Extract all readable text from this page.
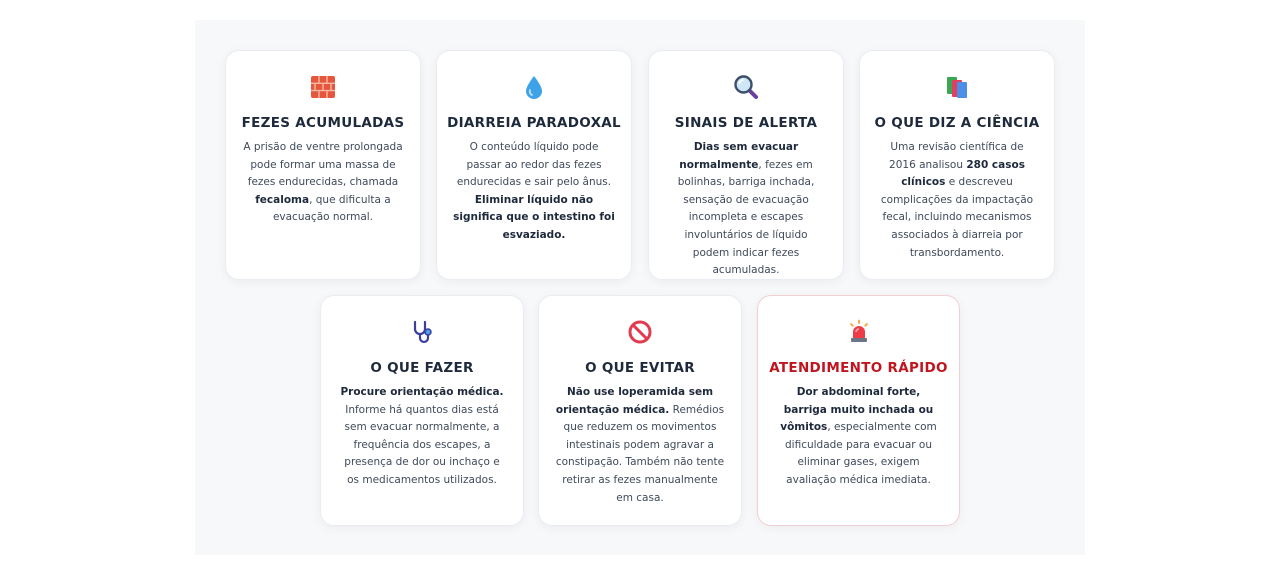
FEZES ACUMULADAS
A prisão de ventre prolongada pode formar uma massa de fezes endurecidas, chamada fecaloma, que dificulta a evacuação normal.
DIARREIA PARADOXAL
O conteúdo líquido pode passar ao redor das fezes endurecidas e sair pelo ânus. Eliminar líquido não significa que o intestino foi esvaziado.
SINAIS DE ALERTA
Dias sem evacuar normalmente, fezes em bolinhas, barriga inchada, sensação de evacuação incompleta e escapes involuntários de líquido podem indicar fezes acumuladas.
O QUE DIZ A CIÊNCIA
Uma revisão científica de 2016 analisou 280 casos clínicos e descreveu complicações da impactação fecal, incluindo mecanismos associados à diarreia por transbordamento.
O QUE FAZER
Procure orientação médica. Informe há quantos dias está sem evacuar normalmente, a frequência dos escapes, a presença de dor ou inchaço e os medicamentos utilizados.
O QUE EVITAR
Não use loperamida sem orientação médica. Remédios que reduzem os movimentos intestinais podem agravar a constipação. Também não tente retirar as fezes manualmente em casa.
ATENDIMENTO RÁPIDO
Dor abdominal forte, barriga muito inchada ou vômitos, especialmente com dificuldade para evacuar ou eliminar gases, exigem avaliação médica imediata.
